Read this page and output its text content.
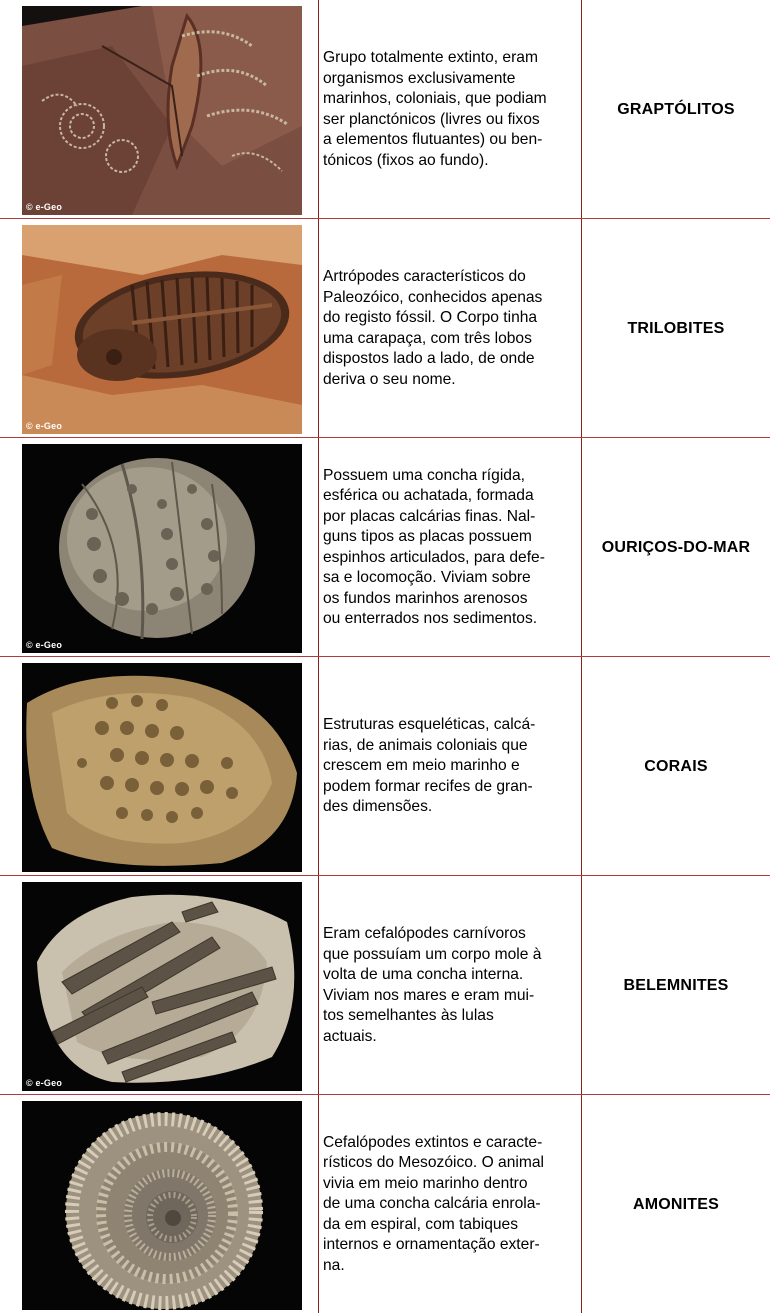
© e-Geo

Grupo totalmente extinto, eram
organismos exclusivamente
marinhos, coloniais, que podiam
ser planctónicos (livres ou fixos
a elementos flutuantes) ou ben-
tónicos (fixos ao fundo).

GRAPTÓLITOS

© e-Geo

Artrópodes característicos do
Paleozóico, conhecidos apenas
do registo fóssil. O Corpo tinha
uma carapaça, com três lobos
dispostos lado a lado, de onde
deriva o seu nome.

TRILOBITES

© e-Geo

Possuem uma concha rígida,
esférica ou achatada, formada
por placas calcárias finas. Nal-
guns tipos as placas possuem
espinhos articulados, para defe-
sa e locomoção. Viviam sobre
os fundos marinhos arenosos
ou enterrados nos sedimentos.

OURIÇOS-DO-MAR

Estruturas esqueléticas, calcá-
rias, de animais coloniais que
crescem em meio marinho e
podem formar recifes de gran-
des dimensões.

CORAIS

© e-Geo

Eram cefalópodes carnívoros
que possuíam um corpo mole à
volta de uma concha interna.
Viviam nos mares e eram mui-
tos semelhantes às lulas
actuais.

BELEMNITES

Cefalópodes extintos e caracte-
rísticos do Mesozóico. O animal
vivia em meio marinho dentro
de uma concha calcária enrola-
da em espiral, com tabiques
internos e ornamentação exter-
na.

AMONITES
